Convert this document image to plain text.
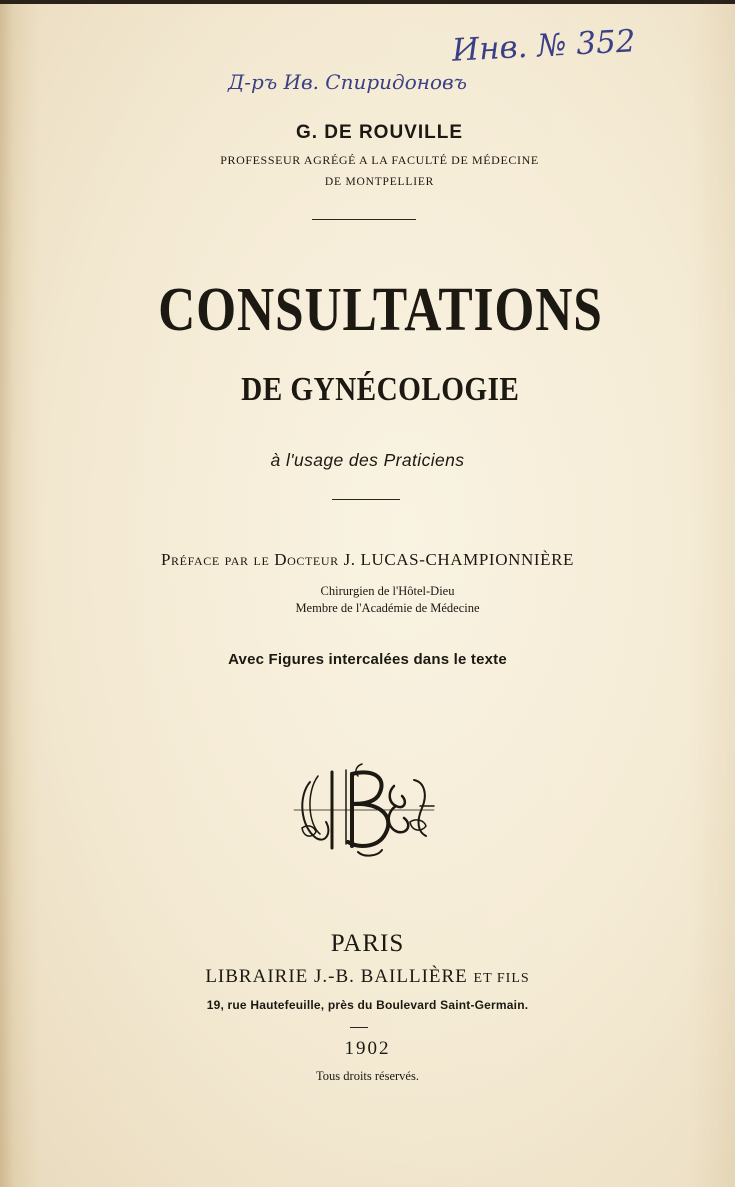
Д-ръ Ив. Спиридоновъ
Инв. № 352
G. DE ROUVILLE
PROFESSEUR AGRÉGÉ A LA FACULTÉ DE MÉDECINE
DE MONTPELLIER
CONSULTATIONS
DE GYNÉCOLOGIE
à l'usage des Praticiens
Préface par le Docteur J. LUCAS-CHAMPIONNIÈRE
Chirurgien de l'Hôtel-Dieu
Membre de l'Académie de Médecine
Avec Figures intercalées dans le texte
PARIS
LIBRAIRIE J.-B. BAILLIÈRE ET FILS
19, rue Hautefeuille, près du Boulevard Saint-Germain.
1902
Tous droits réservés.
